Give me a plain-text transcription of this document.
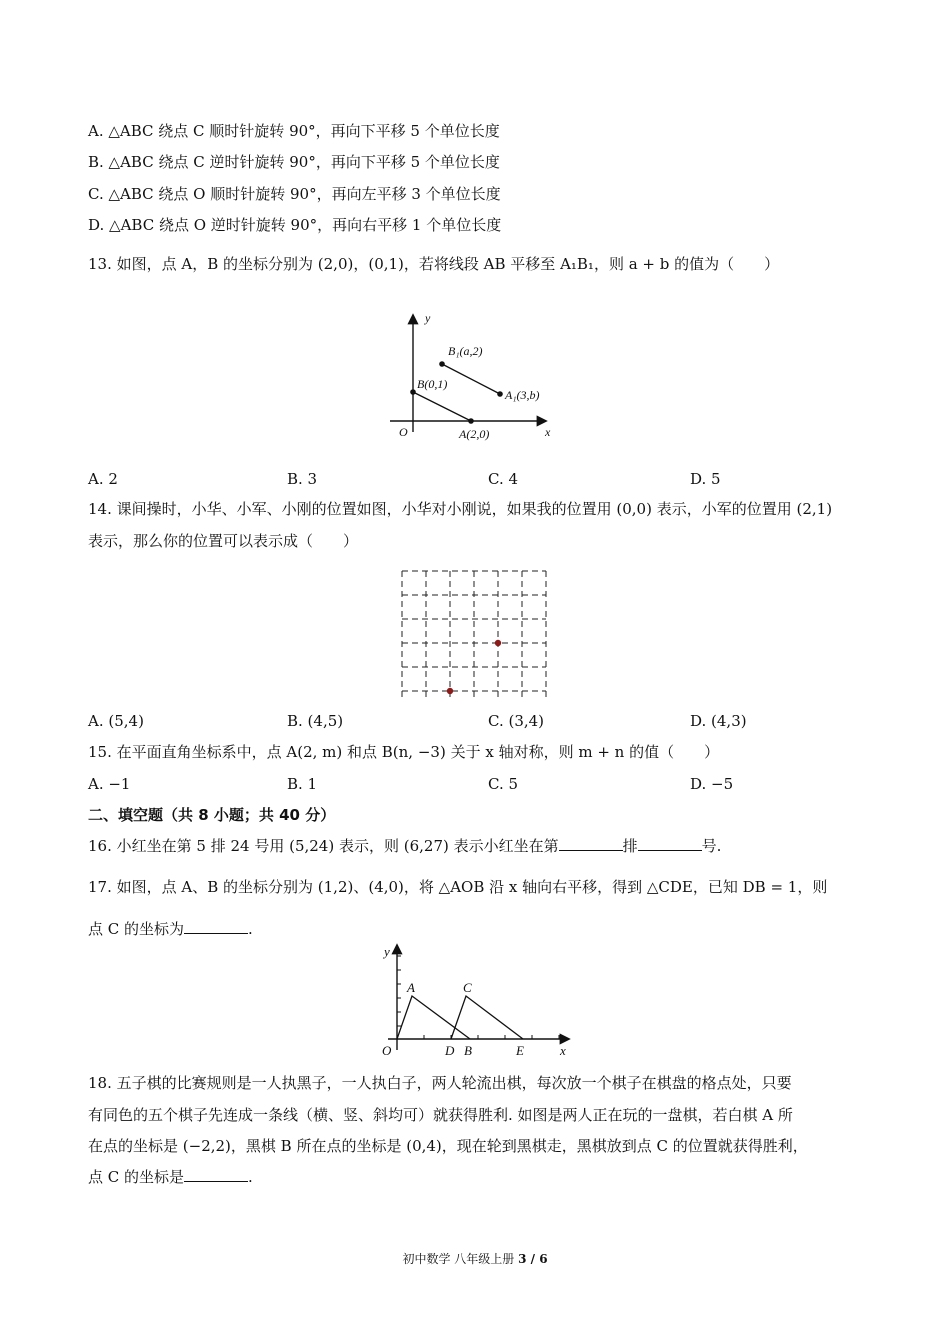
A. △ABC 绕点 C 顺时针旋转 90°，再向下平移 5 个单位长度
B. △ABC 绕点 C 逆时针旋转 90°，再向下平移 5 个单位长度
C. △ABC 绕点 O 顺时针旋转 90°，再向左平移 3 个单位长度
D. △ABC 绕点 O 逆时针旋转 90°，再向右平移 1 个单位长度
13. 如图，点 A，B 的坐标分别为 (2,0)，(0,1)，若将线段 AB 平移至 A₁B₁，则 a + b 的值为（　　）
y
x
O
B₁(a,2)
B(0,1)
A₁(3,b)
A(2,0)
A. 2	B. 3	C. 4	D. 5
14. 课间操时，小华、小军、小刚的位置如图，小华对小刚说，如果我的位置用 (0,0) 表示，小军的位置用 (2,1)
表示，那么你的位置可以表示成（　　）
A. (5,4)	B. (4,5)	C. (3,4)	D. (4,3)
15. 在平面直角坐标系中，点 A(2, m) 和点 B(n, −3) 关于 x 轴对称，则 m + n 的值（　　）
A. −1	B. 1	C. 5	D. −5
二、填空题（共 8 小题；共 40 分）
16. 小红坐在第 5 排 24 号用 (5,24) 表示，则 (6,27) 表示小红坐在第	排	号.
17. 如图，点 A、B 的坐标分别为 (1,2)、(4,0)，将 △AOB 沿 x 轴向右平移，得到 △CDE，已知 DB = 1，则
点 C 的坐标为	.
y
x
O
A	C
D B	E
18. 五子棋的比赛规则是一人执黑子，一人执白子，两人轮流出棋，每次放一个棋子在棋盘的格点处，只要
有同色的五个棋子先连成一条线（横、竖、斜均可）就获得胜利. 如图是两人正在玩的一盘棋，若白棋 A 所
在点的坐标是 (−2,2)，黑棋 B 所在点的坐标是 (0,4)，现在轮到黑棋走，黑棋放到点 C 的位置就获得胜利，
点 C 的坐标是	.
初中数学 八年级上册 3 / 6
